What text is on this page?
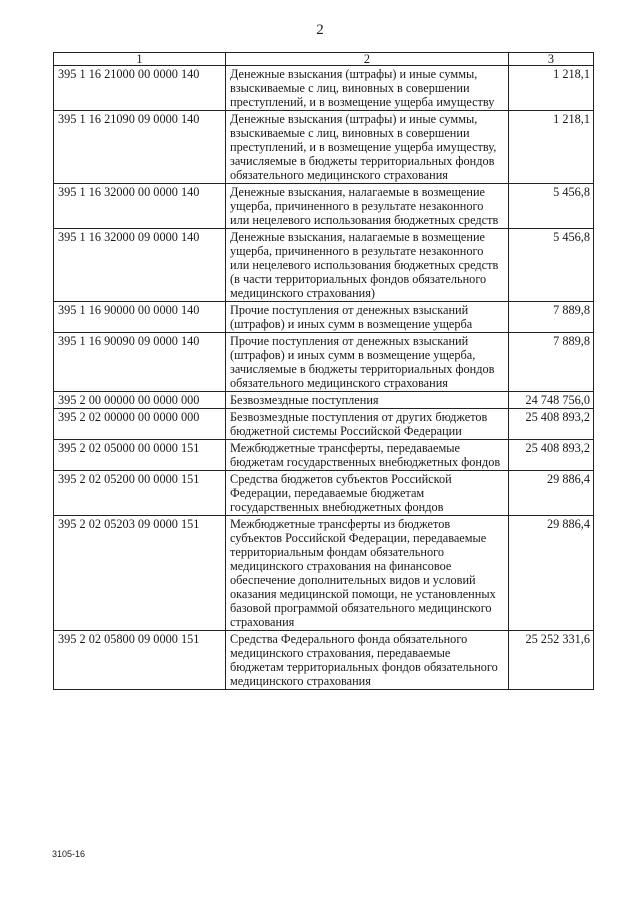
2
1	2	3
395 1 16 21000 00 0000 140	Денежные взыскания (штрафы) и иные суммы, взыскиваемые с лиц, виновных в совершении преступлений, и в возмещение ущерба имуществу	1 218,1
395 1 16 21090 09 0000 140	Денежные взыскания (штрафы) и иные суммы, взыскиваемые с лиц, виновных в совершении преступлений, и в возмещение ущерба имуществу, зачисляемые в бюджеты территориальных фондов обязательного медицинского страхования	1 218,1
395 1 16 32000 00 0000 140	Денежные взыскания, налагаемые в возмещение ущерба, причиненного в результате незаконного или нецелевого использования бюджетных средств	5 456,8
395 1 16 32000 09 0000 140	Денежные взыскания, налагаемые в возмещение ущерба, причиненного в результате незаконного или нецелевого использования бюджетных средств (в части территориальных фондов обязательного медицинского страхования)	5 456,8
395 1 16 90000 00 0000 140	Прочие поступления от денежных взысканий (штрафов) и иных сумм в возмещение ущерба	7 889,8
395 1 16 90090 09 0000 140	Прочие поступления от денежных взысканий (штрафов) и иных сумм в возмещение ущерба, зачисляемые в бюджеты территориальных фондов обязательного медицинского страхования	7 889,8
395 2 00 00000 00 0000 000	Безвозмездные поступления	24 748 756,0
395 2 02 00000 00 0000 000	Безвозмездные поступления от других бюджетов бюджетной системы Российской Федерации	25 408 893,2
395 2 02 05000 00 0000 151	Межбюджетные трансферты, передаваемые бюджетам государственных внебюджетных фондов	25 408 893,2
395 2 02 05200 00 0000 151	Средства бюджетов субъектов Российской Федерации, передаваемые бюджетам государственных внебюджетных фондов	29 886,4
395 2 02 05203 09 0000 151	Межбюджетные трансферты из бюджетов субъектов Российской Федерации, передаваемые территориальным фондам обязательного медицинского страхования на финансовое обеспечение дополнительных видов и условий оказания медицинской помощи, не установленных базовой программой обязательного медицинского страхования	29 886,4
395 2 02 05800 09 0000 151	Средства Федерального фонда обязательного медицинского страхования, передаваемые бюджетам территориальных фондов обязательного медицинского страхования	25 252 331,6
3105-16
